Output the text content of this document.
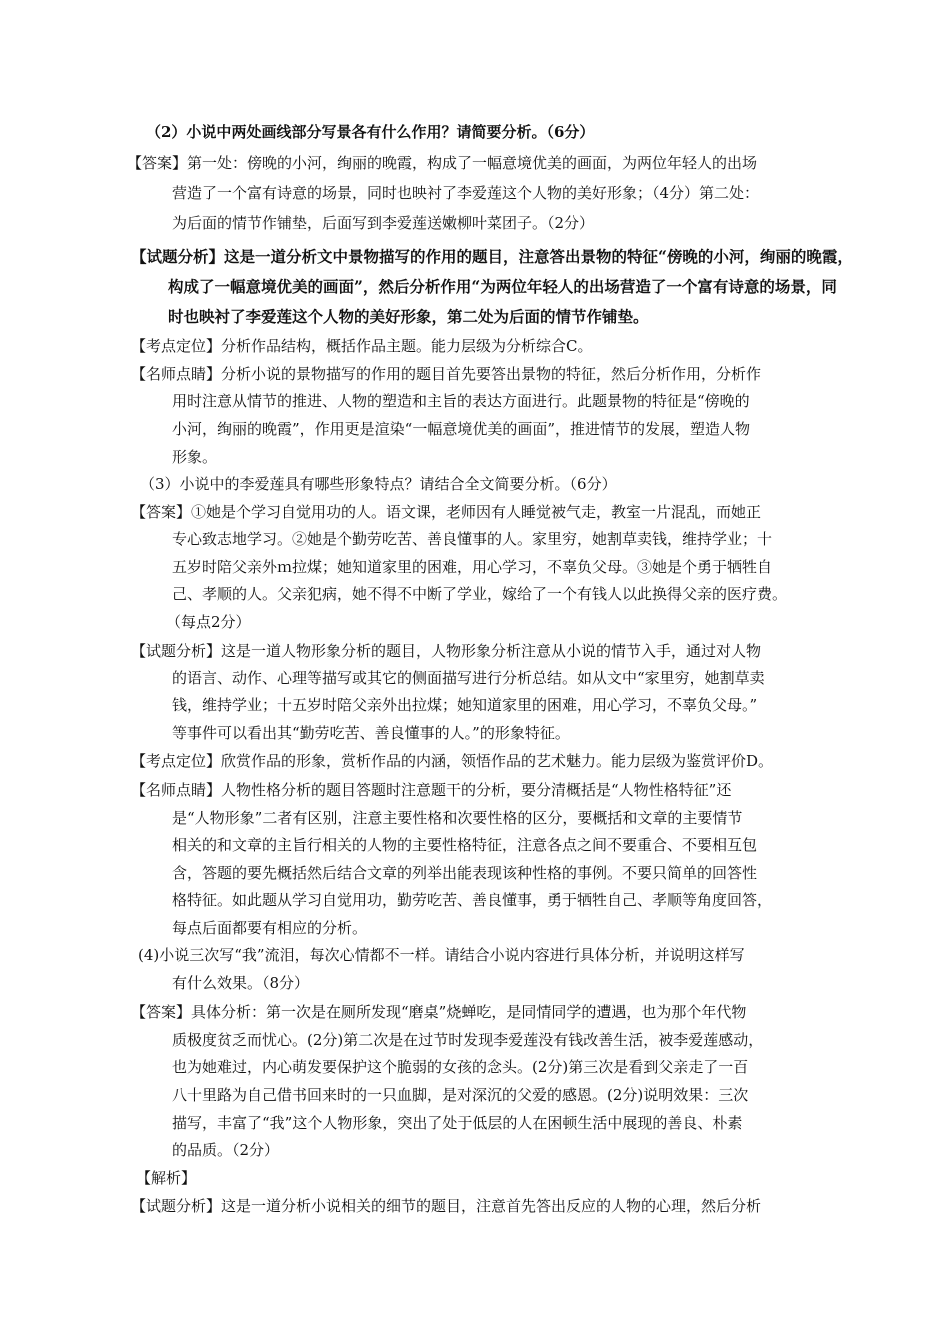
（2）小说中两处画线部分写景各有什么作用？请简要分析。（6分）
【答案】第一处：傍晚的小河，绚丽的晚霞，构成了一幅意境优美的画面，为两位年轻人的出场
营造了一个富有诗意的场景，同时也映衬了李爱莲这个人物的美好形象；（4分）第二处：
为后面的情节作铺垫，后面写到李爱莲送嫩柳叶菜团子。（2分）
【试题分析】这是一道分析文中景物描写的作用的题目，注意答出景物的特征“傍晚的小河，绚丽的晚霞，
构成了一幅意境优美的画面”，然后分析作用“为两位年轻人的出场营造了一个富有诗意的场景，同
时也映衬了李爱莲这个人物的美好形象，第二处为后面的情节作铺垫。
【考点定位】分析作品结构，概括作品主题。能力层级为分析综合C。
【名师点睛】分析小说的景物描写的作用的题目首先要答出景物的特征，然后分析作用，分析作
用时注意从情节的推进、人物的塑造和主旨的表达方面进行。此题景物的特征是“傍晚的
小河，绚丽的晚霞”，作用更是渲染“一幅意境优美的画面”，推进情节的发展，塑造人物
形象。
（3）小说中的李爱莲具有哪些形象特点？请结合全文简要分析。（6分）
【答案】①她是个学习自觉用功的人。语文课，老师因有人睡觉被气走，教室一片混乱，而她正
专心致志地学习。②她是个勤劳吃苦、善良懂事的人。家里穷，她割草卖钱，维持学业；十
五岁时陪父亲外ｍ拉煤；她知道家里的困难，用心学习，不辜负父母。③她是个勇于牺牲自
己、孝顺的人。父亲犯病，她不得不中断了学业，嫁给了一个有钱人以此换得父亲的医疗费。
（每点2分）
【试题分析】这是一道人物形象分析的题目，人物形象分析注意从小说的情节入手，通过对人物
的语言、动作、心理等描写或其它的侧面描写进行分析总结。如从文中“家里穷，她割草卖
钱，维持学业；十五岁时陪父亲外出拉煤；她知道家里的困难，用心学习，不辜负父母。”
等事件可以看出其“勤劳吃苦、善良懂事的人。”的形象特征。
【考点定位】欣赏作品的形象，赏析作品的内涵，领悟作品的艺术魅力。能力层级为鉴赏评价D。
【名师点睛】人物性格分析的题目答题时注意题干的分析，要分清概括是“人物性格特征”还
是“人物形象”二者有区别，注意主要性格和次要性格的区分，要概括和文章的主要情节
相关的和文章的主旨行相关的人物的主要性格特征，注意各点之间不要重合、不要相互包
含，答题的要先概括然后结合文章的列举出能表现该种性格的事例。不要只简单的回答性
格特征。如此题从学习自觉用功，勤劳吃苦、善良懂事，勇于牺牲自己、孝顺等角度回答，
每点后面都要有相应的分析。
(4)小说三次写“我”流泪，每次心情都不一样。请结合小说内容进行具体分析，并说明这样写
有什么效果。（8分）
【答案】具体分析：第一次是在厕所发现“磨桌”烧蝉吃，是同情同学的遭遇，也为那个年代物
质极度贫乏而忧心。(2分)第二次是在过节时发现李爱莲没有钱改善生活，被李爱莲感动，
也为她难过，内心萌发要保护这个脆弱的女孩的念头。(2分)第三次是看到父亲走了一百
八十里路为自己借书回来时的一只血脚，是对深沉的父爱的感恩。(2分)说明效果：三次
描写，丰富了“我”这个人物形象，突出了处于低层的人在困顿生活中展现的善良、朴素
的品质。（2分）
【解析】
【试题分析】这是一道分析小说相关的细节的题目，注意首先答出反应的人物的心理，然后分析
